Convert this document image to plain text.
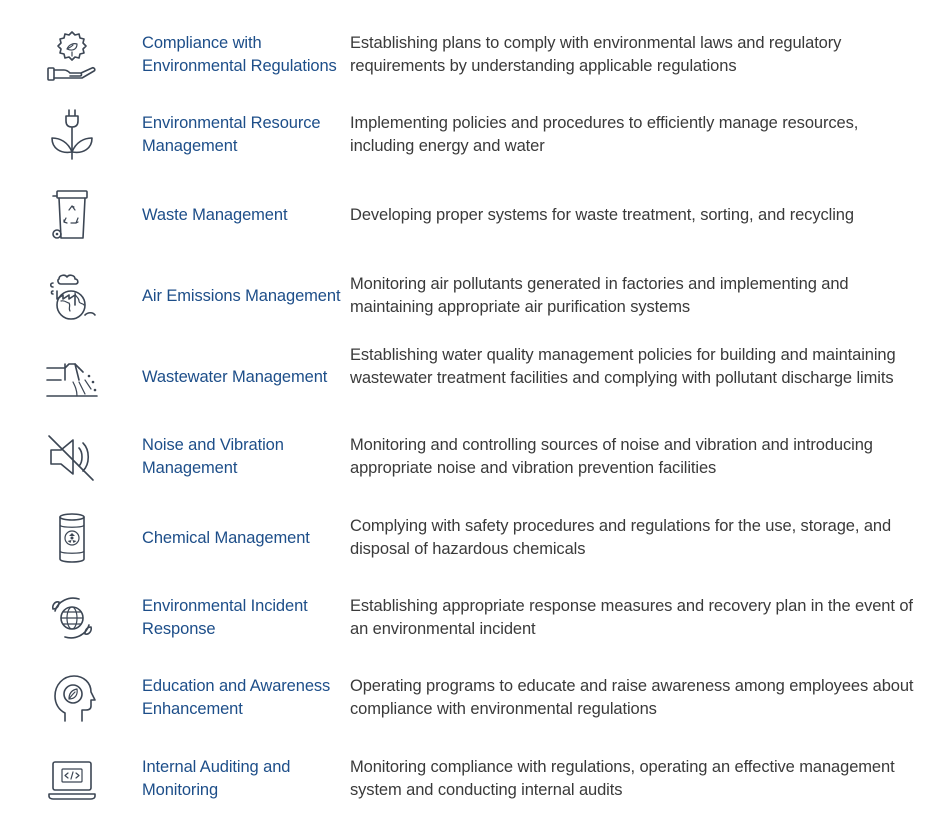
Compliance with Environmental Regulations
Establishing plans to comply with environmental laws and regulatory requirements by understanding applicable regulations
Environmental Resource Management
Implementing policies and procedures to efficiently manage resources, including energy and water
Waste Management	Developing proper systems for waste treatment, sorting, and recycling
Air Emissions Management
Monitoring air pollutants generated in factories and implementing and maintaining appropriate air purification systems
Wastewater Management
Establishing water quality management policies for building and maintaining wastewater treatment facilities and complying with pollutant discharge limits
Noise and Vibration Management
Monitoring and controlling sources of noise and vibration and introducing appropriate noise and vibration prevention facilities
Chemical Management
Complying with safety procedures and regulations for the use, storage, and disposal of hazardous chemicals
Environmental Incident Response
Establishing appropriate response measures and recovery plan in the event of an environmental incident
Education and Awareness Enhancement
Operating programs to educate and raise awareness among employees about compliance with environmental regulations
Internal Auditing and Monitoring
Monitoring compliance with regulations, operating an effective management system and conducting internal audits
